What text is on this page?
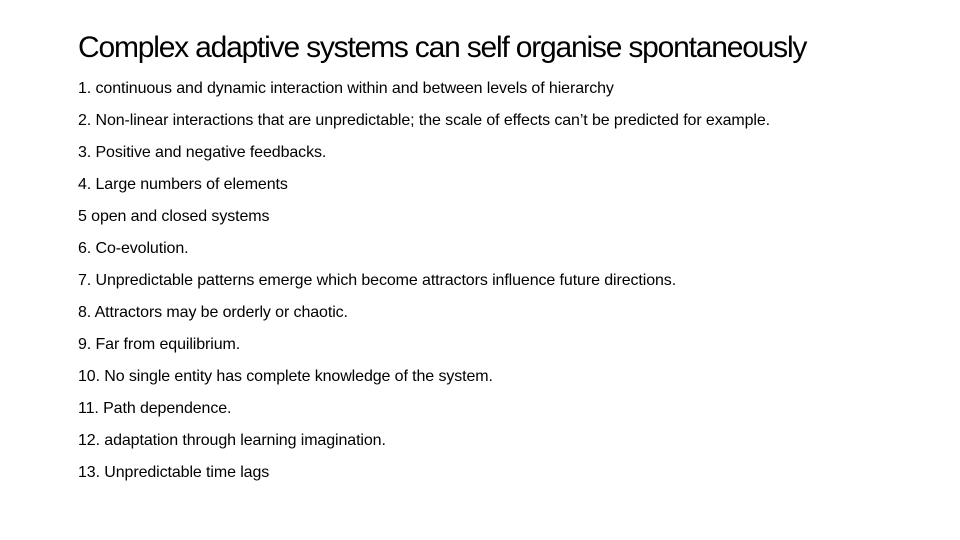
Complex adaptive systems can self organise spontaneously
1. continuous and dynamic interaction within and between levels of hierarchy
2. Non-linear interactions that are unpredictable; the scale of effects can’t be predicted for example.
3. Positive and negative feedbacks.
4. Large numbers of elements
5 open and closed systems
6. Co-evolution.
7. Unpredictable patterns emerge which become attractors influence future directions.
8. Attractors may be orderly or chaotic.
9. Far from equilibrium.
10. No single entity has complete knowledge of the system.
11. Path dependence.
12. adaptation through learning imagination.
13. Unpredictable time lags
